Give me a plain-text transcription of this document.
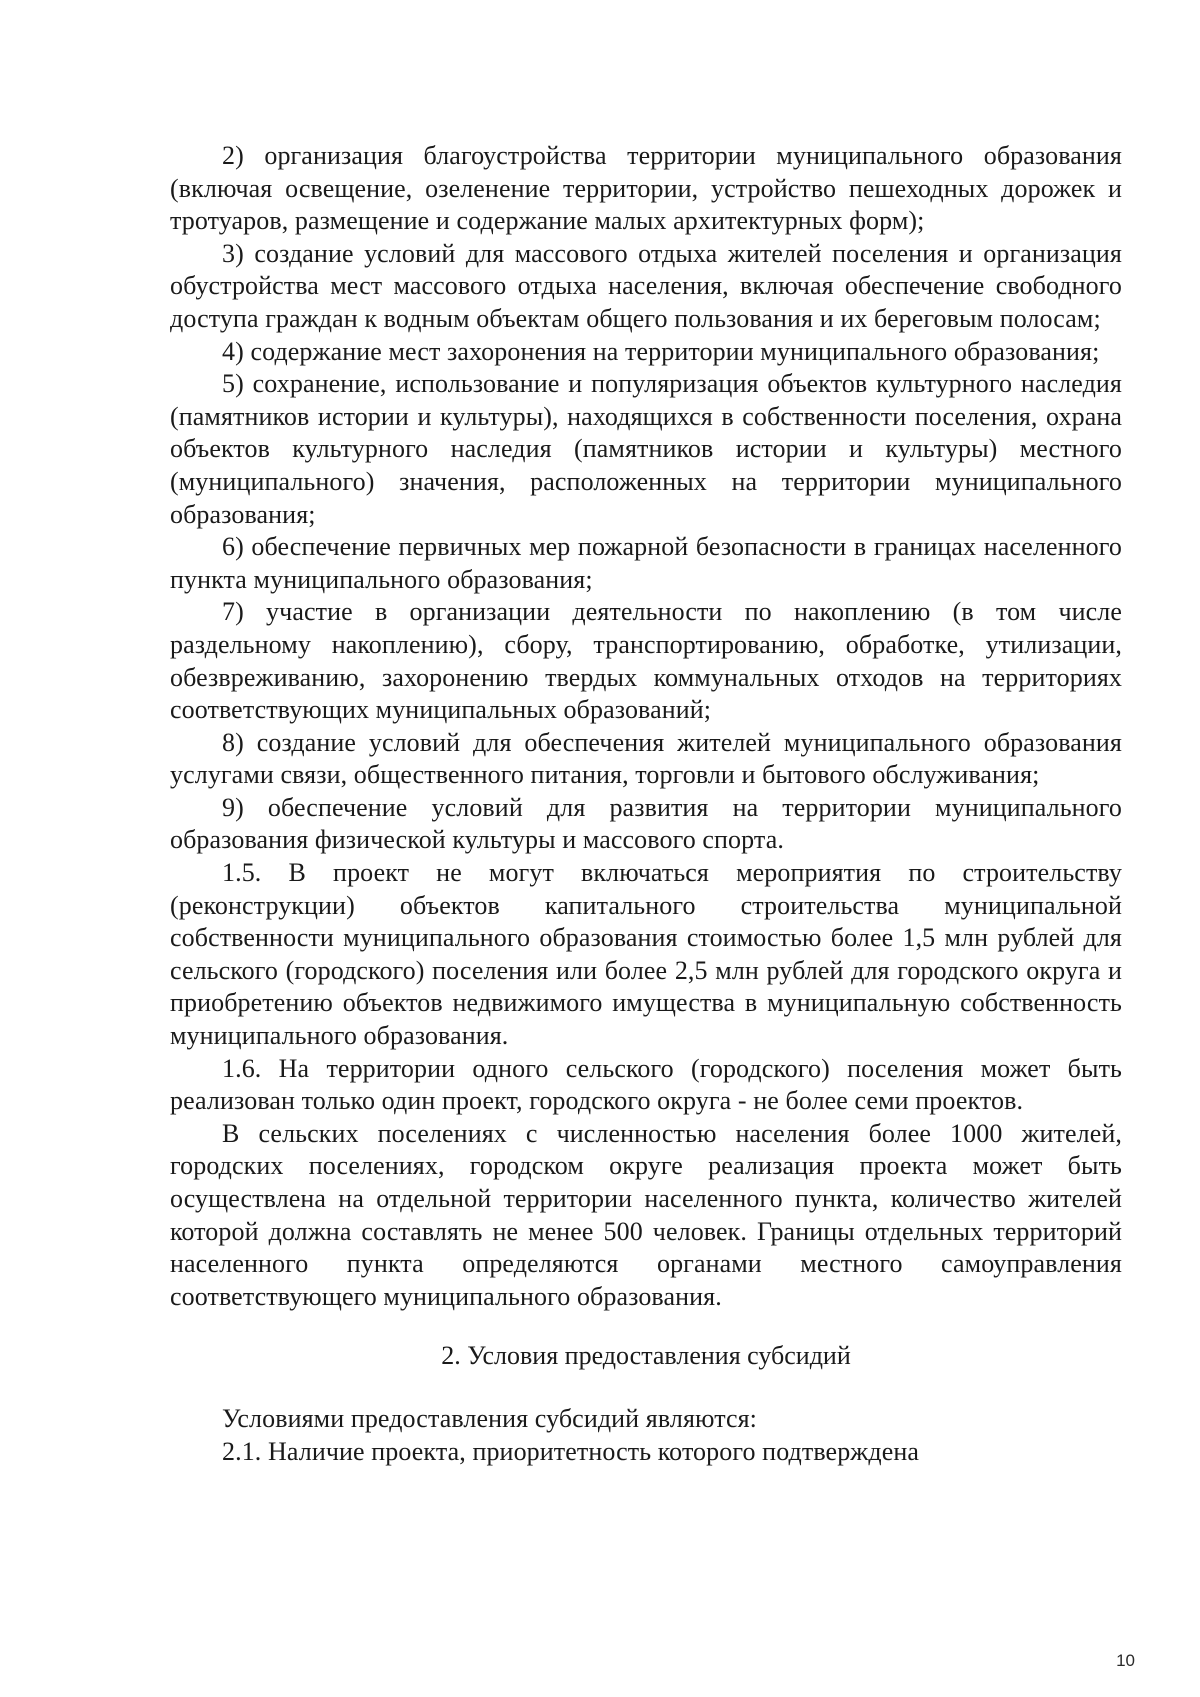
2) организация благоустройства территории муниципального образования (включая освещение, озеленение территории, устройство пешеходных дорожек и тротуаров, размещение и содержание малых архитектурных форм);

3) создание условий для массового отдыха жителей поселения и организация обустройства мест массового отдыха населения, включая обеспечение свободного доступа граждан к водным объектам общего пользования и их береговым полосам;

4) содержание мест захоронения на территории муниципального образования;

5) сохранение, использование и популяризация объектов культурного наследия (памятников истории и культуры), находящихся в собственности поселения, охрана объектов культурного наследия (памятников истории и культуры) местного (муниципального) значения, расположенных на территории муниципального образования;

6) обеспечение первичных мер пожарной безопасности в границах населенного пункта муниципального образования;

7) участие в организации деятельности по накоплению (в том числе раздельному накоплению), сбору, транспортированию, обработке, утилизации, обезвреживанию, захоронению твердых коммунальных отходов на территориях соответствующих муниципальных образований;

8) создание условий для обеспечения жителей муниципального образования услугами связи, общественного питания, торговли и бытового обслуживания;

9) обеспечение условий для развития на территории муниципального образования физической культуры и массового спорта.

1.5. В проект не могут включаться мероприятия по строительству (реконструкции) объектов капитального строительства муниципальной собственности муниципального образования стоимостью более 1,5 млн рублей для сельского (городского) поселения или более 2,5 млн рублей для городского округа и приобретению объектов недвижимого имущества в муниципальную собственность муниципального образования.

1.6. На территории одного сельского (городского) поселения может быть реализован только один проект, городского округа - не более семи проектов.

В сельских поселениях с численностью населения более 1000 жителей, городских поселениях, городском округе реализация проекта может быть осуществлена на отдельной территории населенного пункта, количество жителей которой должна составлять не менее 500 человек. Границы отдельных территорий населенного пункта определяются органами местного самоуправления соответствующего муниципального образования.

2. Условия предоставления субсидий

Условиями предоставления субсидий являются:

2.1. Наличие проекта, приоритетность которого подтверждена

10
